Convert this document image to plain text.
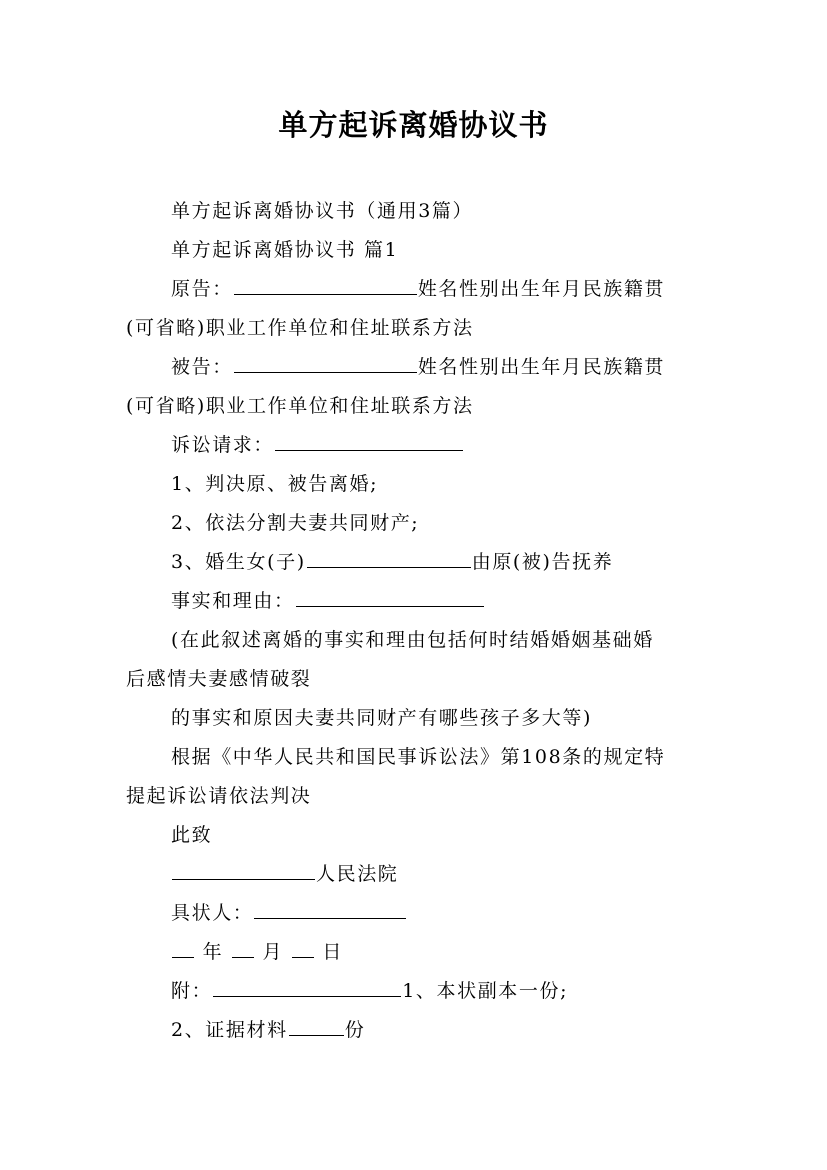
单方起诉离婚协议书
单方起诉离婚协议书（通用3篇）
单方起诉离婚协议书 篇1
原告：	姓名性别出生年月民族籍贯
(可省略)职业工作单位和住址联系方法
被告：	姓名性别出生年月民族籍贯
(可省略)职业工作单位和住址联系方法
诉讼请求：
1、判决原、被告离婚;
2、依法分割夫妻共同财产;
3、婚生女(子)	由原(被)告抚养
事实和理由：
(在此叙述离婚的事实和理由包括何时结婚婚姻基础婚
后感情夫妻感情破裂
的事实和原因夫妻共同财产有哪些孩子多大等)
根据《中华人民共和国民事诉讼法》第108条的规定特
提起诉讼请依法判决
此致
人民法院
具状人：
年 月 日
附：	1、本状副本一份;
2、证据材料	份
